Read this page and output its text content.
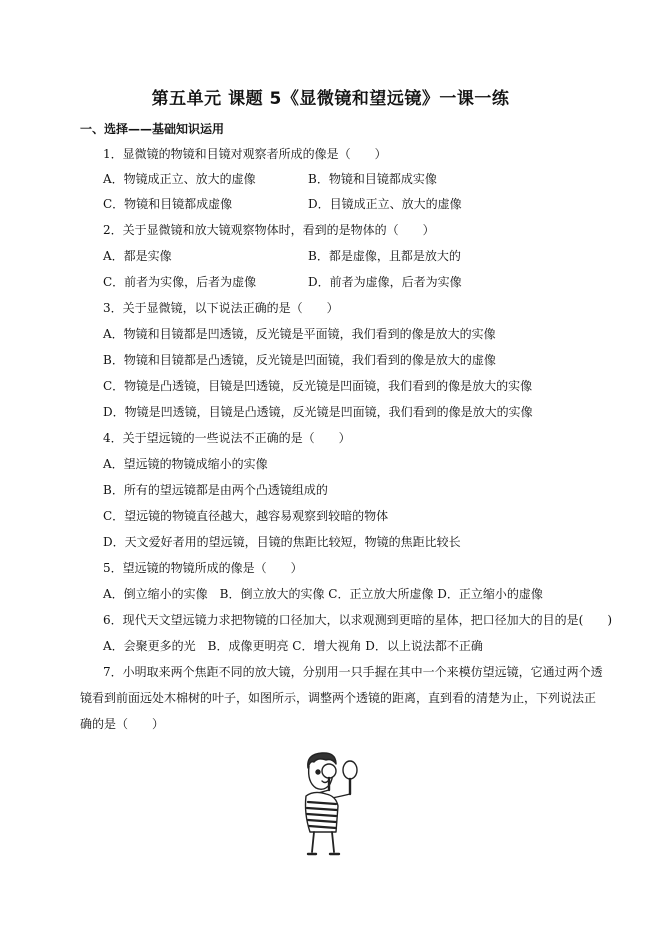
第五单元 课题 5《显微镜和望远镜》一课一练
一、选择——基础知识运用
1．显微镜的物镜和目镜对观察者所成的像是（　　）
A．物镜成正立、放大的虚像	B．物镜和目镜都成实像
C．物镜和目镜都成虚像	D．目镜成正立、放大的虚像
2．关于显微镜和放大镜观察物体时，看到的是物体的（　　）
A．都是实像	B．都是虚像，且都是放大的
C．前者为实像，后者为虚像	D．前者为虚像，后者为实像
3．关于显微镜，以下说法正确的是（　　）
A．物镜和目镜都是凹透镜，反光镜是平面镜，我们看到的像是放大的实像
B．物镜和目镜都是凸透镜，反光镜是凹面镜，我们看到的像是放大的虚像
C．物镜是凸透镜，目镜是凹透镜，反光镜是凹面镜，我们看到的像是放大的实像
D．物镜是凹透镜，目镜是凸透镜，反光镜是凹面镜，我们看到的像是放大的实像
4．关于望远镜的一些说法不正确的是（　　）
A．望远镜的物镜成缩小的实像
B．所有的望远镜都是由两个凸透镜组成的
C．望远镜的物镜直径越大，越容易观察到较暗的物体
D．天文爱好者用的望远镜，目镜的焦距比较短，物镜的焦距比较长
5．望远镜的物镜所成的像是（　　）
A．倒立缩小的实像　B．倒立放大的实像 C．正立放大所虚像 D．正立缩小的虚像
6．现代天文望远镜力求把物镜的口径加大，以求观测到更暗的星体，把口径加大的目的是(　　)
A．会聚更多的光　B．成像更明亮 C．增大视角 D．以上说法都不正确
7．小明取来两个焦距不同的放大镜，分别用一只手握在其中一个来模仿望远镜，它通过两个透
镜看到前面远处木棉树的叶子，如图所示，调整两个透镜的距离，直到看的清楚为止，下列说法正
确的是（　　）
